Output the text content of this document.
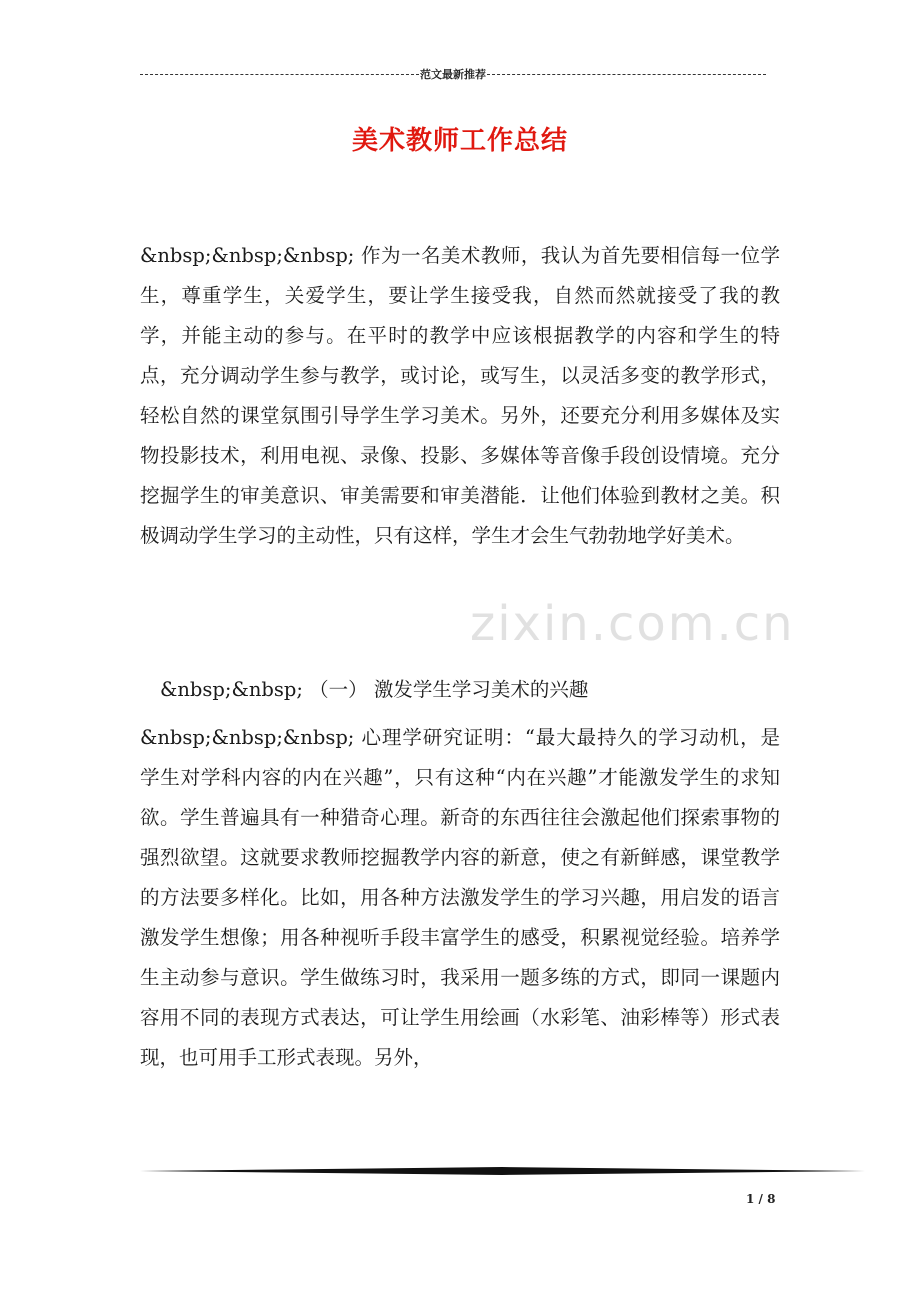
范文最新推荐
美术教师工作总结

&nbsp;&nbsp;&nbsp; 作为一名美术教师，我认为首先要相信每一位学生，尊重学生，关爱学生，要让学生接受我，自然而然就接受了我的教学，并能主动的参与。在平时的教学中应该根据教学的内容和学生的特点，充分调动学生参与教学，或讨论，或写生，以灵活多变的教学形式，轻松自然的课堂氛围引导学生学习美术。另外，还要充分利用多媒体及实物投影技术，利用电视、录像、投影、多媒体等音像手段创设情境。充分挖掘学生的审美意识、审美需要和审美潜能．让他们体验到教材之美。积极调动学生学习的主动性，只有这样，学生才会生气勃勃地学好美术。

&nbsp;&nbsp; （一） 激发学生学习美术的兴趣

&nbsp;&nbsp;&nbsp; 心理学研究证明：“最大最持久的学习动机，是学生对学科内容的内在兴趣”，只有这种“内在兴趣”才能激发学生的求知欲。学生普遍具有一种猎奇心理。新奇的东西往往会激起他们探索事物的强烈欲望。这就要求教师挖掘教学内容的新意，使之有新鲜感，课堂教学的方法要多样化。比如，用各种方法激发学生的学习兴趣，用启发的语言激发学生想像；用各种视听手段丰富学生的感受，积累视觉经验。培养学生主动参与意识。学生做练习时，我采用一题多练的方式，即同一课题内容用不同的表现方式表达，可让学生用绘画（水彩笔、油彩棒等）形式表现，也可用手工形式表现。另外，

zixin.com.cn
1 / 8
